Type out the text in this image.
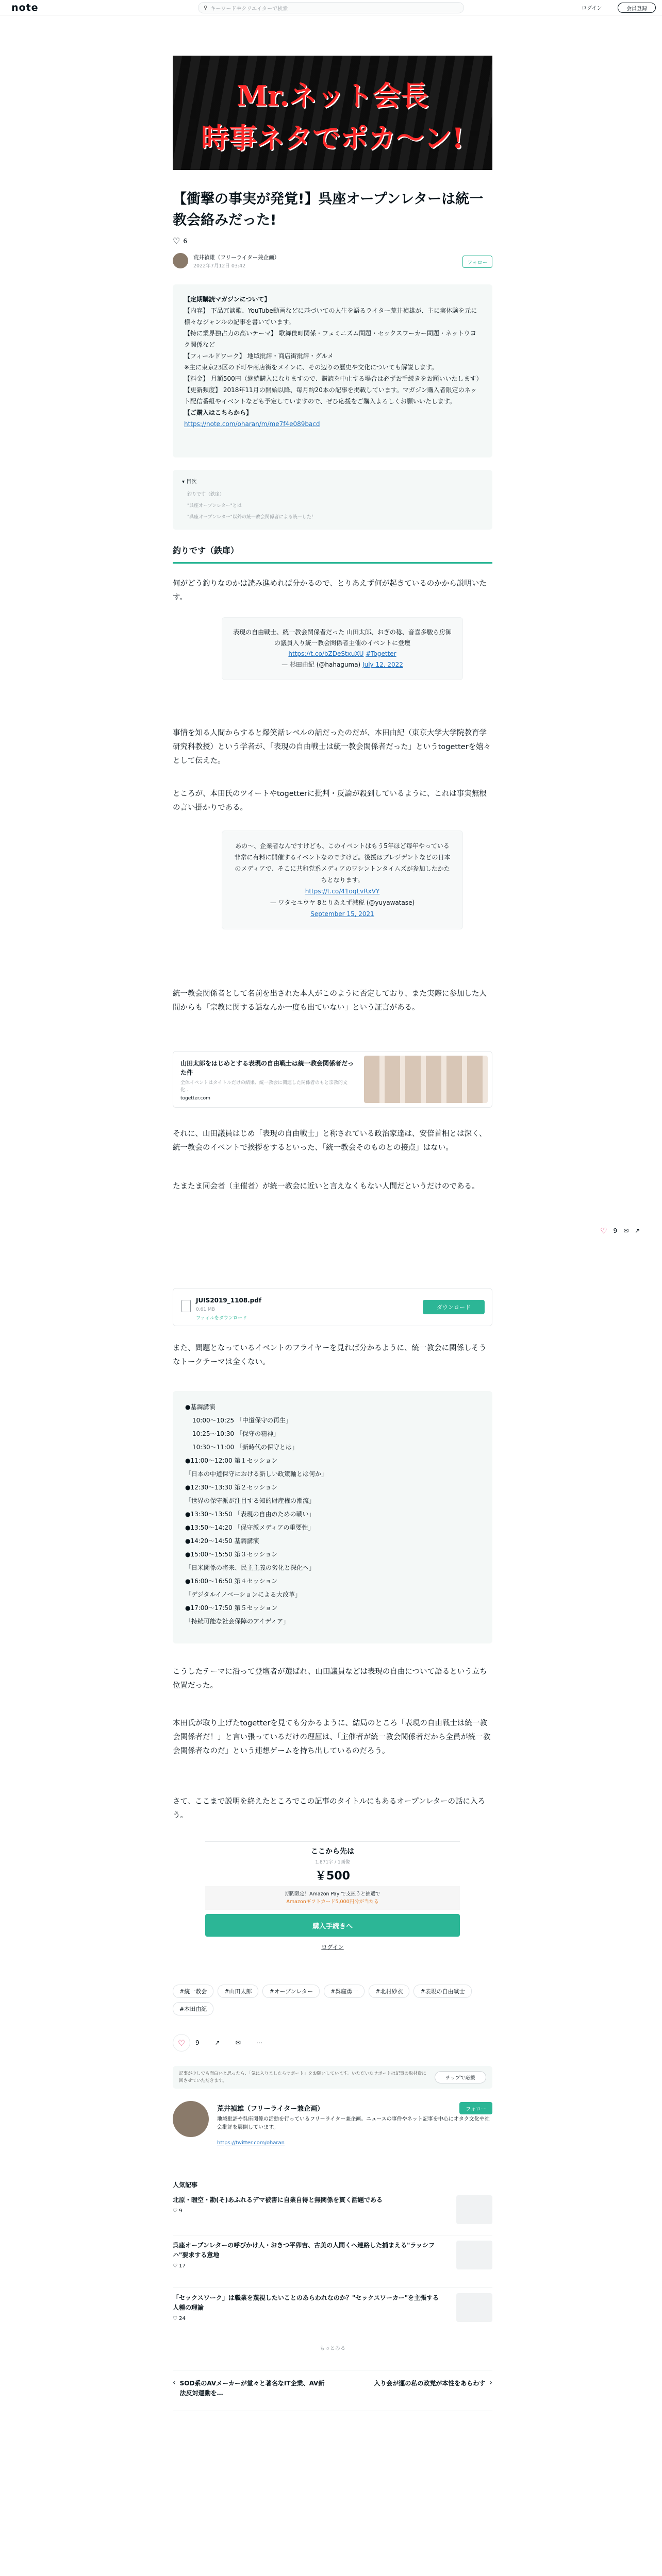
note	⚲ キーワードやクリエイターで検索	ログイン	会員登録
Mr.ネット会長
時事ネタでポカ〜ン!
【衝撃の事実が発覚!】呉座オープンレターは統一教会絡みだった!
♡ 6
荒井禎雄（フリーライター兼企画）
2022年7月12日 03:42
フォロー
【定期購読マガジンについて】
【内容】 下品冗談歌、YouTube動画などに基づいての人生を語るライター荒井禎雄が、主に実体験を元に様々なジャンルの記事を書いています。
【特に業界独占力の高いテーマ】 歌舞伎町関係・フェミニズム問題・セックスワーカー問題・ネットウヨク関係など
【フィールドワーク】 地域批評・商店街批評・グルメ
※主に東京23区の下町や商店街をメインに、その辺りの歴史や文化についても解説します。
【料金】 月額500円（継続購入になりますので、購読を中止する場合は必ずお手続きをお願いいたします）
【更新頻度】 2018年11月の開始以降、毎月約20本の記事を掲載しています。マガジン購入者限定のネット配信番組やイベントなども予定していますので、ぜひ応援をご購入よろしくお願いいたします。
【ご購入はこちらから】
https://note.com/oharan/m/me7f4e089bacd
▾ 目次
釣りです（鉄扉）
"呉座オープンレター"とは
"呉座オープンレター"以外の統一教会関係者による統一した！
釣りです（鉄扉）
何がどう釣りなのかは読み進めれば分かるので、とりあえず何が起きているのかから説明いたす。
表現の自由戦士、統一教会関係者だった 山田太郎、おぎの稔、音喜多駿ら房御の議員入り統一教会関係者主催のイベントに登壇
https://t.co/bZDeStxuXU #Togetter
— 杉田由紀 (@hahaguma) July 12, 2022
事情を知る人間からすると爆笑話レベルの話だったのだが、本田由紀（東京大学大学院教育学研究科教授）という学者が、「表現の自由戦士は統一教会関係者だった」というtogetterを嬉々として伝えた。
ところが、本田氏のツイートやtogetterに批判・反論が殺到しているように、これは事実無根の言い掛かりである。
あの〜、企業者なんですけども、このイベントはもう5年ほど毎年やっている非常に有料に開催するイベントなのですけど。後援はブレジデントなどの日本のメディアで、そこに共和党系メディアのワシントンタイムズが参加したかたちとなります。
https://t.co/41oqLvRxVY
— ワタセユウヤ 8とりあえず減税 (@yuyawatase)
September 15, 2021
統一教会関係者として名前を出された本人がこのように否定しており、また実際に参加した人間からも「宗教に関する話なんか一度も出ていない」という証言がある。
山田太郎をはじめとする表現の自由戦士は統一教会関係者だった件
全体イベントはタイトルだけの結果、統一教会に関連した関係者のもと宗教的文化…
togetter.com
それに、山田議員はじめ「表現の自由戦士」と称されている政治家達は、安倍首相とは深く、統一教会のイベントで挨拶をするといった、「統一教会そのものとの接点」はない。
たまたま同会者（主催者）が統一教会に近いと言えなくもない人間だというだけのである。
JUIS2019_1108.pdf
0.61 MB
ファイルをダウンロード
ダウンロード
また、問題となっているイベントのフライヤーを見れば分かるように、統一教会に関係しそうなトークテーマは全くない。
●基調講演
10:00〜10:25 「中道保守の再生」
10:25〜10:30 「保守の精神」
10:30〜11:00 「新時代の保守とは」
●11:00〜12:00 第１セッション
「日本の中道保守における新しい政策軸とは何か」
●12:30〜13:30 第２セッション
「世界の保守派が注目する知的財産権の潮流」
●13:30〜13:50 「表現の自由のための戦い」
●13:50〜14:20 「保守派メディアの重要性」
●14:20〜14:50 基調講演
●15:00〜15:50 第３セッション
「日米関係の将来、民主主義の劣化と深化へ」
●16:00〜16:50 第４セッション
「デジタルイノベーションによる大改革」
●17:00〜17:50 第５セッション
「持続可能な社会保障のアイディア」
こうしたテーマに沿って登壇者が選ばれ、山田議員などは表現の自由について語るという立ち位置だった。
本田氏が取り上げたtogetterを見ても分かるように、結局のところ「表現の自由戦士は統一教会関係者だ！」と言い張っているだけの理屈は、「主催者が統一教会関係者だから全員が統一教会関係者なのだ」という連想ゲームを持ち出しているのだろう。
さて、ここまで説明を終えたところでこの記事のタイトルにもあるオープンレターの話に入ろう。
ここから先は
1,871字 / 1画像
￥500
期間限定！Amazon Pay で支払うと抽選で
Amazonギフトカード5,000円分が当たる
購入手続きへ
ログイン
#統一教会	#山田太郎	#オープンレター	#呉座勇一	#北村紗衣	#表現の自由戦士#本田由紀
♡	9	↗	✉	⋯
記事が少しでも面白いと思ったら、「気に入りましたらサポート」をお願いしています。いただいたサポートは記事の取材費に回させていただきます。	チップで応援
荒井禎雄（フリーライター兼企画）	フォロー
地域批評や呉座関係の活動を行っているフリーライター兼企画。ニュースの事件やネット記事を中心にオタク文化や社会批評を展開しています。
https://twitter.com/oharan
人気記事
北原・暇空・勘(そ)あふれるデマ被害に自業自得と無関係を貫く話題である
♡ 9
呉座オープンレターの呼びかけ人・おきつ平卯吉、古美の人間くへ連絡した捕まえる"ラッシフハ"要求する意地
♡ 17
「セックスワーク」は職業を蔑視したいことのあらわれなのか？"セックスワーカー"を主張する人種の理論
♡ 24
もっとみる
‹ SOD系のAVメーカーが堂々と著名なIT企業、AV新法反対運動を…
入り会が運の私の政党が本性をあらわす ›
♡ 9 ✉ ↗
